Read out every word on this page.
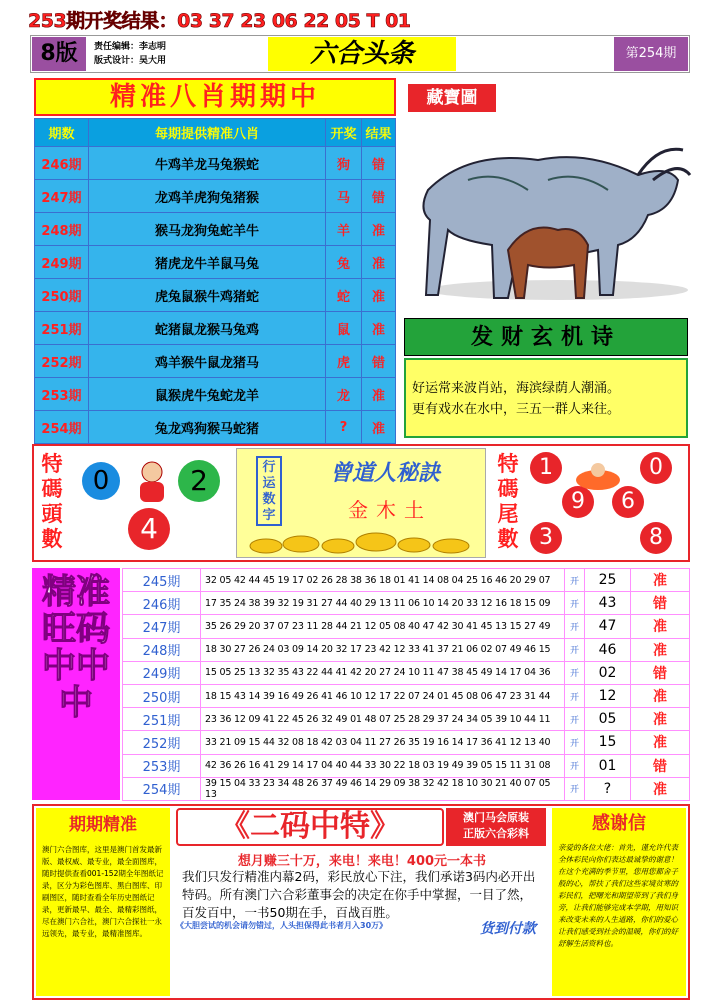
253期开奖结果：03 37 23 06 22 05 T 01
8版	责任编辑：李志明
版式设计：吴大用	六合头条	第254期
精准八肖期期中	藏寶圖
期数	每期提供精准八肖	开奖	结果
246期	牛鸡羊龙马兔猴蛇	狗	错
247期	龙鸡羊虎狗兔猪猴	马	错
248期	猴马龙狗兔蛇羊牛	羊	准
249期	猪虎龙牛羊鼠马兔	兔	准
250期	虎兔鼠猴牛鸡猪蛇	蛇	准
251期	蛇猪鼠龙猴马兔鸡	鼠	准
252期	鸡羊猴牛鼠龙猪马	虎	错
253期	鼠猴虎牛兔蛇龙羊	龙	准
254期	兔龙鸡狗猴马蛇猪	?	准
发财玄机诗
好运常来波肖站，海滨绿荫人潮涌。
更有戏水在水中，三五一群人来往。
特碼頭數
0	2
4
行运数字
曾道人秘訣
金木土
特碼尾數
1	0
9	6
3	8
精准旺码中中中
245期	32 05 42 44 45 19 17 02 26 28 38 36 18 01 41 14 08 04 25 16 46 20 29 07	开	25	准
246期	17 35 24 38 39 32 19 31 27 44 40 29 13 11 06 10 14 20 33 12 16 18 15 09	开	43	错
247期	35 26 29 20 37 07 23 11 28 44 21 12 05 08 40 47 42 30 41 45 13 15 27 49	开	47	准
248期	18 30 27 26 24 03 09 14 20 32 17 23 42 12 33 41 37 21 06 02 07 49 46 15	开	46	准
249期	15 05 25 13 32 35 43 22 44 41 42 20 27 24 10 11 47 38 45 49 14 17 04 36	开	02	错
250期	18 15 43 14 39 16 49 26 41 46 10 12 17 22 07 24 01 45 08 06 47 23 31 44	开	12	准
251期	23 36 12 09 41 22 45 26 32 49 01 48 07 25 28 29 37 24 34 05 39 10 44 11	开	05	准
252期	33 21 09 15 44 32 08 18 42 03 04 11 27 26 35 19 16 14 17 36 41 12 13 40	开	15	准
253期	42 36 26 16 41 29 14 17 04 40 44 33 30 22 18 03 19 49 39 05 15 11 31 08	开	01	错
254期	39 15 04 33 23 34 48 26 37 49 46 14 29 09 38 32 42 18 10 30 21 40 07 05 13	开	?	准
期期精准
澳门六合图库，这里是澳门首发最新版、最权威、最专业，最全面图库，随时提供查看001-152期全年图纸记录，区分为彩色图库、黑白图库、印刷图区，随时查看全年历史图纸记录，更新最早、最全、最精彩图纸，尽在澳门六合社，澳门六合探社一永远领先，最专业，最精准图库。
《二码中特》	澳门马会原装
正版六合彩料
想月赚三十万，来电！来电！400元一本书
我们只发行精准内幕2码，彩民放心下注，我们承诺3码内必开出特码。所有澳门六合彩董事会的决定在你手中掌握，一目了然，百发百中，一书50期在手，百战百胜。
《大胆尝试的机会请勿错过，人头担保得此书者月入30万》	货到付款
感谢信
亲爱的各位大佬：首先，谨允许代表全体彩民向你们表达最诚挚的谢意！在这个充满的季节里，您用您都舍子般的心，帮扶了我们这些家境贫寒的彩民们，把曙光和期望带到了我们身旁，让我们能够完成本学期，用知识来改变未来的人生道路，你们的爱心让我们感受到社会的温暖，你们的好舒解生活资料也。
